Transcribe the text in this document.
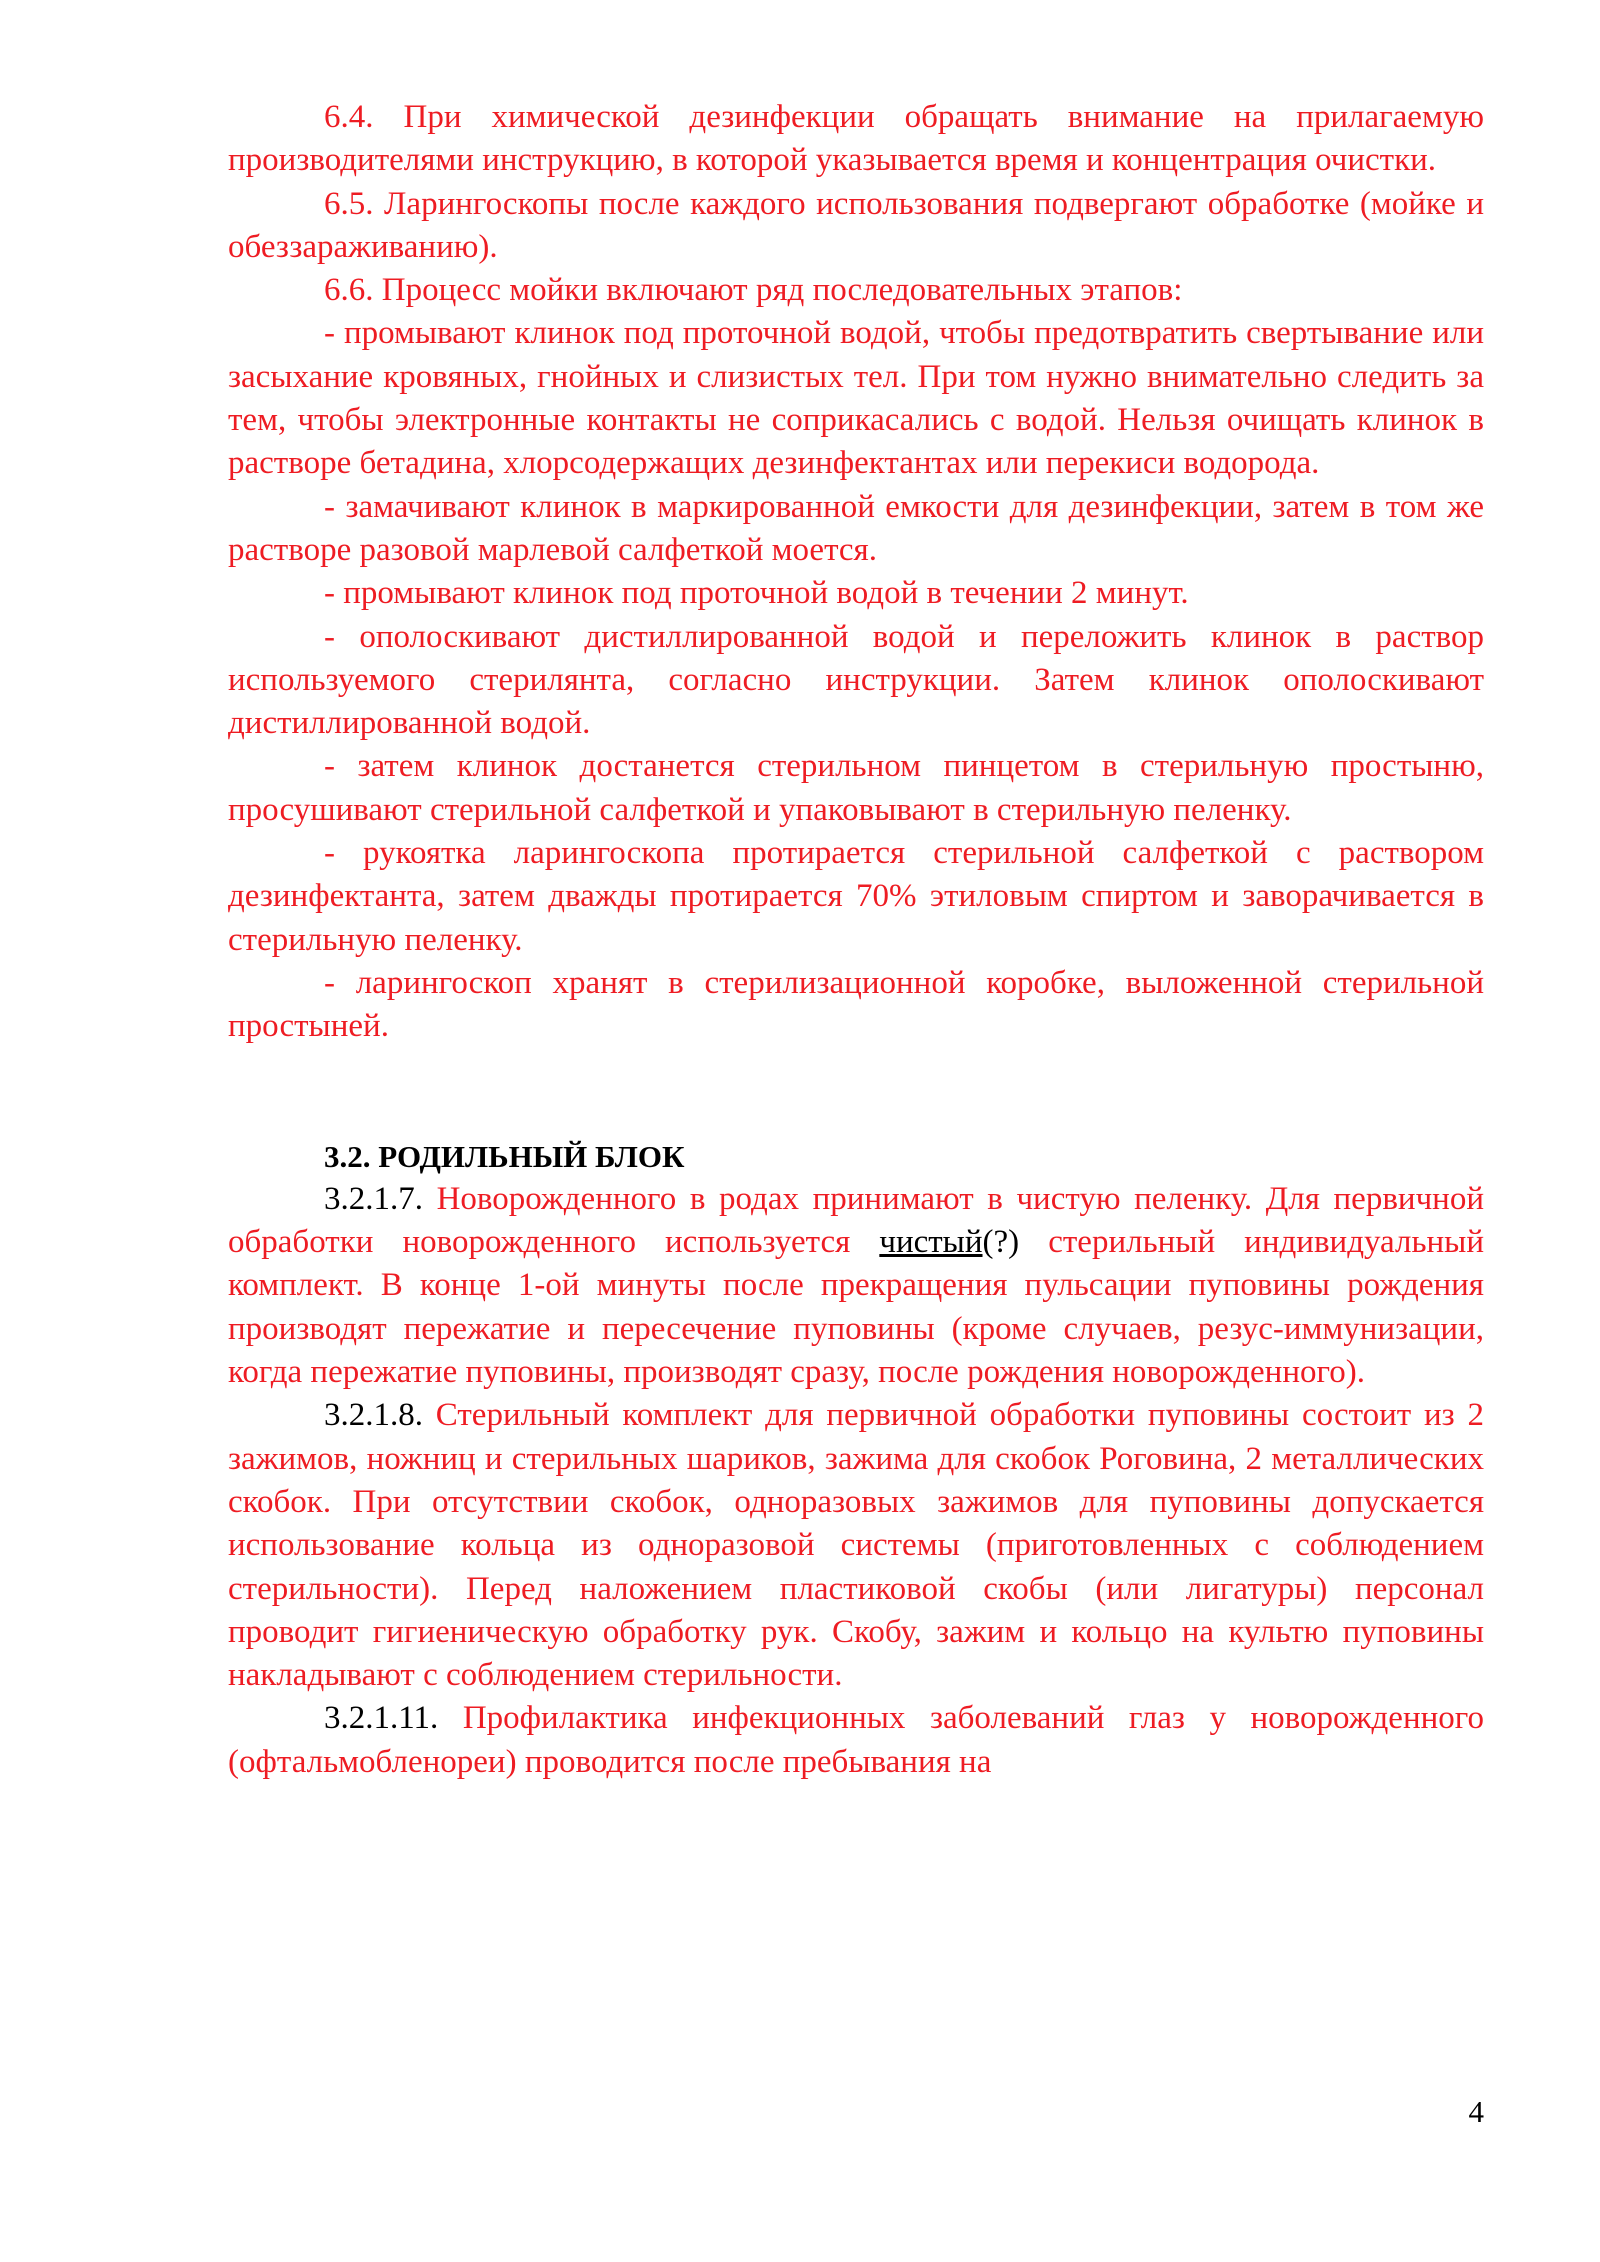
6.4. При химической дезинфекции обращать внимание на прилагаемую производителями инструкцию, в которой указывается время и концентрация очистки.

6.5. Ларингоскопы после каждого использования подвергают обработке (мойке и обеззараживанию).

6.6. Процесс мойки включают ряд последовательных этапов:

- промывают клинок под проточной водой, чтобы предотвратить свертывание или засыхание кровяных, гнойных и слизистых тел. При том нужно внимательно следить за тем, чтобы электронные контакты не соприкасались с водой. Нельзя очищать клинок в растворе бетадина, хлорсодержащих дезинфектантах или перекиси водорода.

- замачивают клинок в маркированной емкости для дезинфекции, затем в том же растворе разовой марлевой салфеткой моется.

- промывают клинок под проточной водой в течении 2 минут.

- ополоскивают дистиллированной водой и переложить клинок в раствор используемого стерилянта, согласно инструкции. Затем клинок ополоскивают дистиллированной водой.

- затем клинок достанется стерильном пинцетом в стерильную простыню, просушивают стерильной салфеткой и упаковывают в стерильную пеленку.

- рукоятка ларингоскопа протирается стерильной салфеткой с раствором дезинфектанта, затем дважды протирается 70% этиловым спиртом и заворачивается в стерильную пеленку.

- ларингоскоп хранят в стерилизационной коробке, выложенной стерильной простыней.

3.2. РОДИЛЬНЫЙ БЛОК

3.2.1.7. Новорожденного в родах принимают в чистую пеленку. Для первичной обработки новорожденного используется чистый(?) стерильный индивидуальный комплект. В конце 1-ой минуты после прекращения пульсации пуповины рождения производят пережатие и пересечение пуповины (кроме случаев, резус-иммунизации, когда пережатие пуповины, производят сразу, после рождения новорожденного).

3.2.1.8. Стерильный комплект для первичной обработки пуповины состоит из 2 зажимов, ножниц и стерильных шариков, зажима для скобок Роговина, 2 металлических скобок. При отсутствии скобок, одноразовых зажимов для пуповины допускается использование кольца из одноразовой системы (приготовленных с соблюдением стерильности). Перед наложением пластиковой скобы (или лигатуры) персонал проводит гигиеническую обработку рук. Скобу, зажим и кольцо на культю пуповины накладывают с соблюдением стерильности.

3.2.1.11. Профилактика инфекционных заболеваний глаз у новорожденного (офтальмобленореи) проводится после пребывания на

4
